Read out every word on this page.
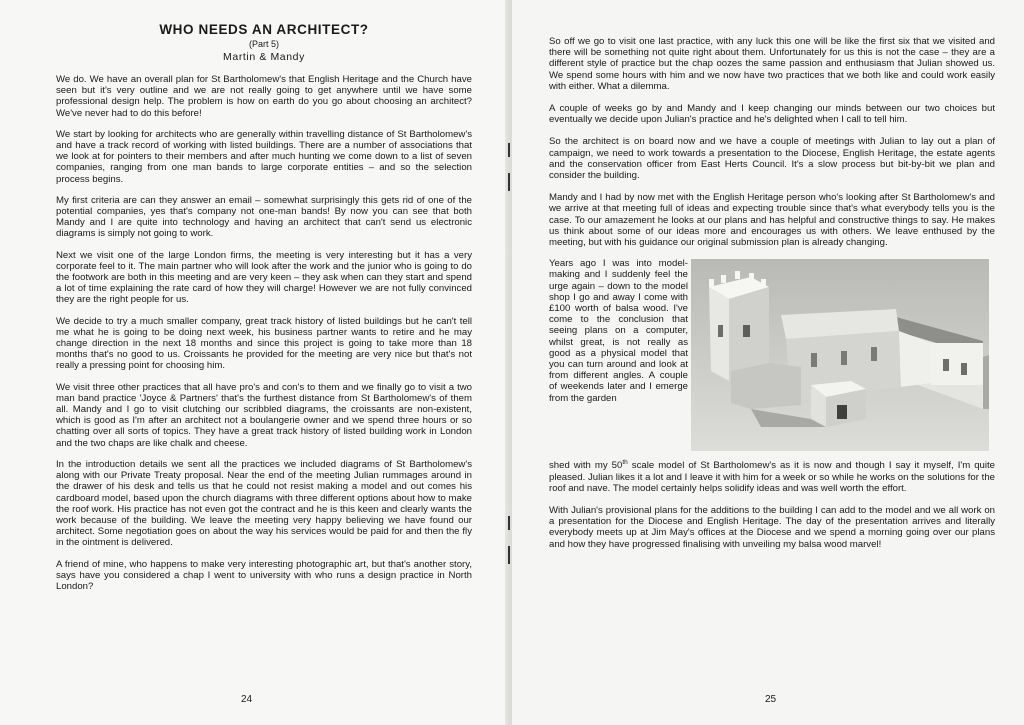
WHO NEEDS AN ARCHITECT?
(Part 5)
Martin & Mandy

We do. We have an overall plan for St Bartholomew's that English Heritage and the Church have seen but it's very outline and we are not really going to get anywhere until we have some professional design help. The problem is how on earth do you go about choosing an architect? We've never had to do this before!

We start by looking for architects who are generally within travelling distance of St Bartholomew's and have a track record of working with listed buildings. There are a number of associations that we look at for pointers to their members and after much hunting we come down to a list of seven companies, ranging from one man bands to large corporate entities – and so the selection process begins.

My first criteria are can they answer an email – somewhat surprisingly this gets rid of one of the potential companies, yes that's company not one-man bands! By now you can see that both Mandy and I are quite into technology and having an architect that can't send us electronic diagrams is simply not going to work.

Next we visit one of the large London firms, the meeting is very interesting but it has a very corporate feel to it. The main partner who will look after the work and the junior who is going to do the footwork are both in this meeting and are very keen – they ask when can they start and spend a lot of time explaining the rate card of how they will charge! However we are not fully convinced they are the right people for us.

We decide to try a much smaller company, great track history of listed buildings but he can't tell me what he is going to be doing next week, his business partner wants to retire and he may change direction in the next 18 months and since this project is going to take more than 18 months that's no good to us. Croissants he provided for the meeting are very nice but that's not really a pressing point for choosing him.

We visit three other practices that all have pro's and con's to them and we finally go to visit a two man band practice 'Joyce & Partners' that's the furthest distance from St Bartholomew's of them all. Mandy and I go to visit clutching our scribbled diagrams, the croissants are non-existent, which is good as I'm after an architect not a boulangerie owner and we spend three hours or so chatting over all sorts of topics. They have a great track history of listed building work in London and the two chaps are like chalk and cheese.

In the introduction details we sent all the practices we included diagrams of St Bartholomew's along with our Private Treaty proposal. Near the end of the meeting Julian rummages around in the drawer of his desk and tells us that he could not resist making a model and out comes his cardboard model, based upon the church diagrams with three different options about how to make the roof work. His practice has not even got the contract and he is this keen and clearly wants the work because of the building. We leave the meeting very happy believing we have found our architect. Some negotiation goes on about the way his services would be paid for and then the fly in the ointment is delivered.

A friend of mine, who happens to make very interesting photographic art, but that's another story, says have you considered a chap I went to university with who runs a design practice in North London?

24

So off we go to visit one last practice, with any luck this one will be like the first six that we visited and there will be something not quite right about them. Unfortunately for us this is not the case – they are a different style of practice but the chap oozes the same passion and enthusiasm that Julian showed us. We spend some hours with him and we now have two practices that we both like and could work easily with either. What a dilemma.

A couple of weeks go by and Mandy and I keep changing our minds between our two choices but eventually we decide upon Julian's practice and he's delighted when I call to tell him.

So the architect is on board now and we have a couple of meetings with Julian to lay out a plan of campaign, we need to work towards a presentation to the Diocese, English Heritage, the estate agents and the conservation officer from East Herts Council. It's a slow process but bit-by-bit we plan and consider the building.

Mandy and I had by now met with the English Heritage person who's looking after St Bartholomew's and we arrive at that meeting full of ideas and expecting trouble since that's what everybody tells you is the case. To our amazement he looks at our plans and has helpful and constructive things to say. He makes us think about some of our ideas more and encourages us with others. We leave enthused by the meeting, but with his guidance our original submission plan is already changing.

Years ago I was into model-making and I suddenly feel the urge again – down to the model shop I go and away I come with £100 worth of balsa wood. I've come to the conclusion that seeing plans on a computer, whilst great, is not really as good as a physical model that you can turn around and look at from different angles. A couple of weekends later and I emerge from the garden

shed with my 50th scale model of St Bartholomew's as it is now and though I say it myself, I'm quite pleased. Julian likes it a lot and I leave it with him for a week or so while he works on the solutions for the roof and nave. The model certainly helps solidify ideas and was well worth the effort.

With Julian's provisional plans for the additions to the building I can add to the model and we all work on a presentation for the Diocese and English Heritage. The day of the presentation arrives and literally everybody meets up at Jim May's offices at the Diocese and we spend a morning going over our plans and how they have progressed finalising with unveiling my balsa wood marvel!

25
